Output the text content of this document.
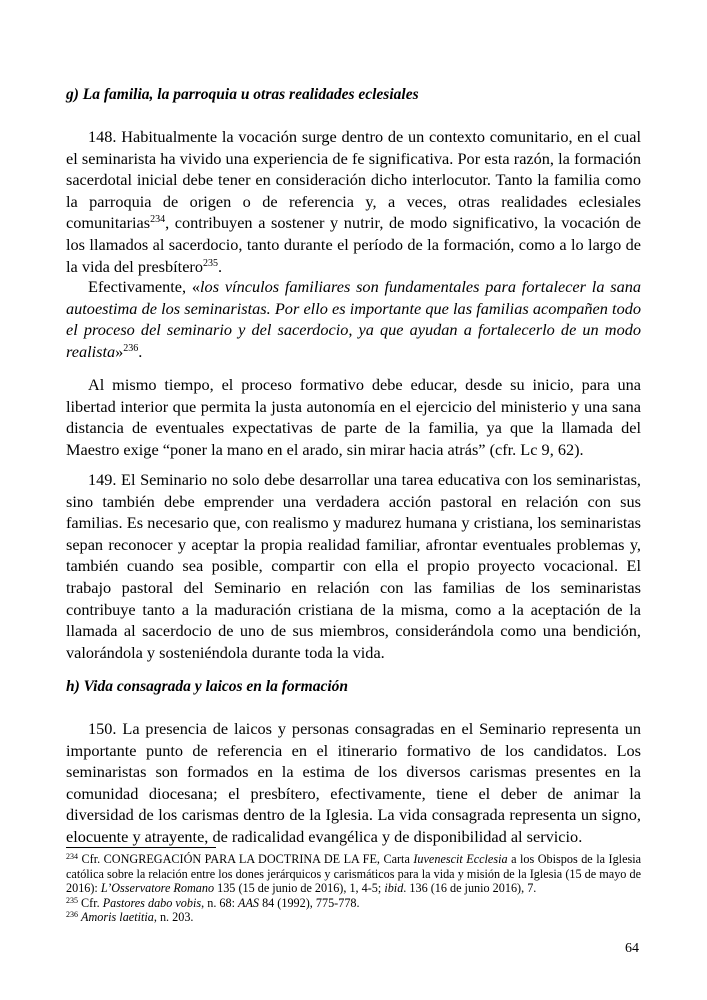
g) La familia, la parroquia u otras realidades eclesiales

148. Habitualmente la vocación surge dentro de un contexto comunitario, en el cual el seminarista ha vivido una experiencia de fe significativa. Por esta razón, la formación sacerdotal inicial debe tener en consideración dicho interlocutor. Tanto la familia como la parroquia de origen o de referencia y, a veces, otras realidades eclesiales comunitarias$^{234}$, contribuyen a sostener y nutrir, de modo significativo, la vocación de los llamados al sacerdocio, tanto durante el período de la formación, como a lo largo de la vida del presbítero$^{235}$.

Efectivamente, «los vínculos familiares son fundamentales para fortalecer la sana autoestima de los seminaristas. Por ello es importante que las familias acompañen todo el proceso del seminario y del sacerdocio, ya que ayudan a fortalecerlo de un modo realista»$^{236}$.

Al mismo tiempo, el proceso formativo debe educar, desde su inicio, para una libertad interior que permita la justa autonomía en el ejercicio del ministerio y una sana distancia de eventuales expectativas de parte de la familia, ya que la llamada del Maestro exige “poner la mano en el arado, sin mirar hacia atrás” (cfr. Lc 9, 62).

149. El Seminario no solo debe desarrollar una tarea educativa con los seminaristas, sino también debe emprender una verdadera acción pastoral en relación con sus familias. Es necesario que, con realismo y madurez humana y cristiana, los seminaristas sepan reconocer y aceptar la propia realidad familiar, afrontar eventuales problemas y, también cuando sea posible, compartir con ella el propio proyecto vocacional. El trabajo pastoral del Seminario en relación con las familias de los seminaristas contribuye tanto a la maduración cristiana de la misma, como a la aceptación de la llamada al sacerdocio de uno de sus miembros, considerándola como una bendición, valorándola y sosteniéndola durante toda la vida.

h) Vida consagrada y laicos en la formación

150. La presencia de laicos y personas consagradas en el Seminario representa un importante punto de referencia en el itinerario formativo de los candidatos. Los seminaristas son formados en la estima de los diversos carismas presentes en la comunidad diocesana; el presbítero, efectivamente, tiene el deber de animar la diversidad de los carismas dentro de la Iglesia. La vida consagrada representa un signo, elocuente y atrayente, de radicalidad evangélica y de disponibilidad al servicio.

$^{234}$ Cfr. CONGREGACIÓN PARA LA DOCTRINA DE LA FE, Carta Iuvenescit Ecclesia a los Obispos de la Iglesia católica sobre la relación entre los dones jerárquicos y carismáticos para la vida y misión de la Iglesia (15 de mayo de 2016): L’Osservatore Romano 135 (15 de junio de 2016), 1, 4-5; ibid. 136 (16 de junio 2016), 7.

$^{235}$ Cfr. Pastores dabo vobis, n. 68: AAS 84 (1992), 775-778.

$^{236}$ Amoris laetitia, n. 203.

64
